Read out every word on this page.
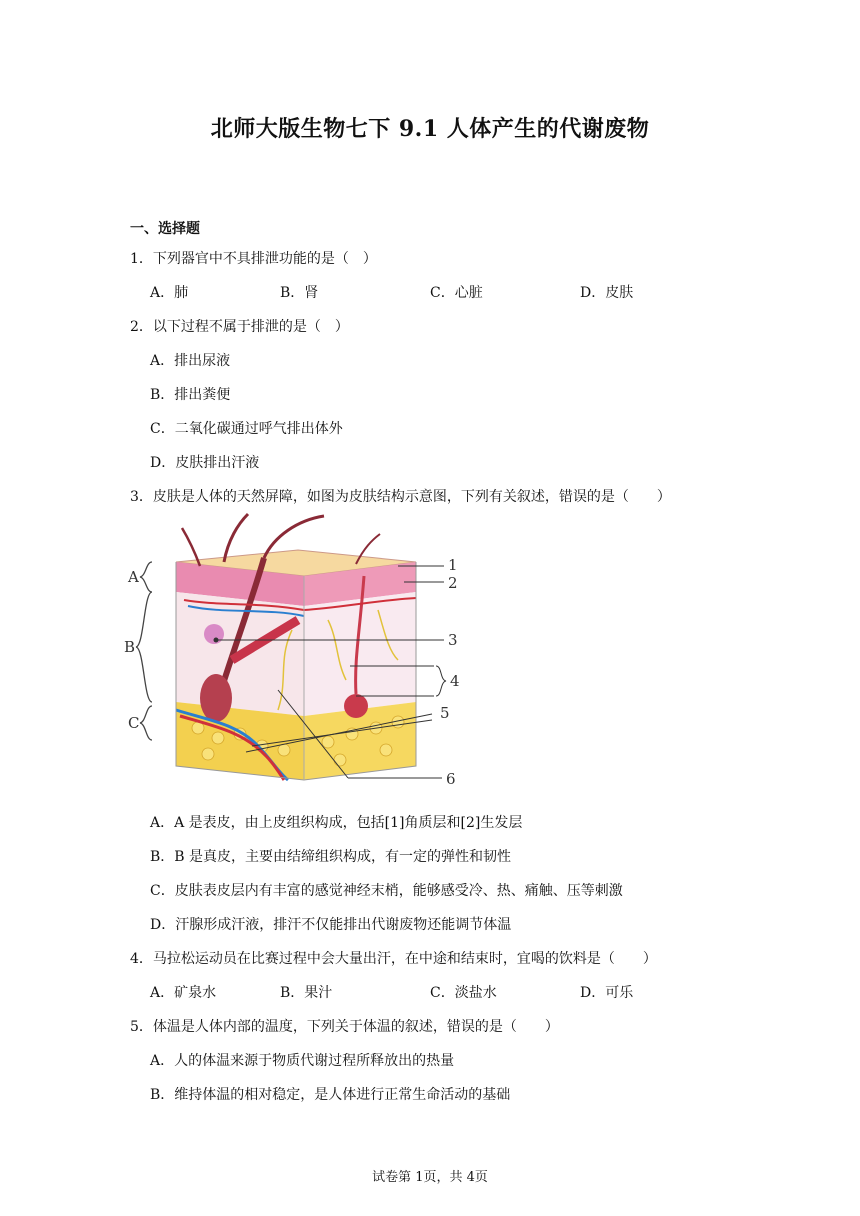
北师大版生物七下 9.1 人体产生的代谢废物
一、选择题
1．下列器官中不具排泄功能的是（　）
A．肺	B．肾	C．心脏	D．皮肤
2．以下过程不属于排泄的是（　）
A．排出尿液
B．排出粪便
C．二氧化碳通过呼气排出体外
D．皮肤排出汗液
3．皮肤是人体的天然屏障，如图为皮肤结构示意图，下列有关叙述，错误的是（　　）
A
B
C
1
2
3
4
5
6
A．A 是表皮，由上皮组织构成，包括[1]角质层和[2]生发层
B．B 是真皮，主要由结缔组织构成，有一定的弹性和韧性
C．皮肤表皮层内有丰富的感觉神经末梢，能够感受冷、热、痛触、压等刺激
D．汗腺形成汗液，排汗不仅能排出代谢废物还能调节体温
4．马拉松运动员在比赛过程中会大量出汗，在中途和结束时，宜喝的饮料是（　　）
A．矿泉水	B．果汁	C．淡盐水	D．可乐
5．体温是人体内部的温度，下列关于体温的叙述，错误的是（　　）
A．人的体温来源于物质代谢过程所释放出的热量
B．维持体温的相对稳定，是人体进行正常生命活动的基础
试卷第 1页，共 4页
